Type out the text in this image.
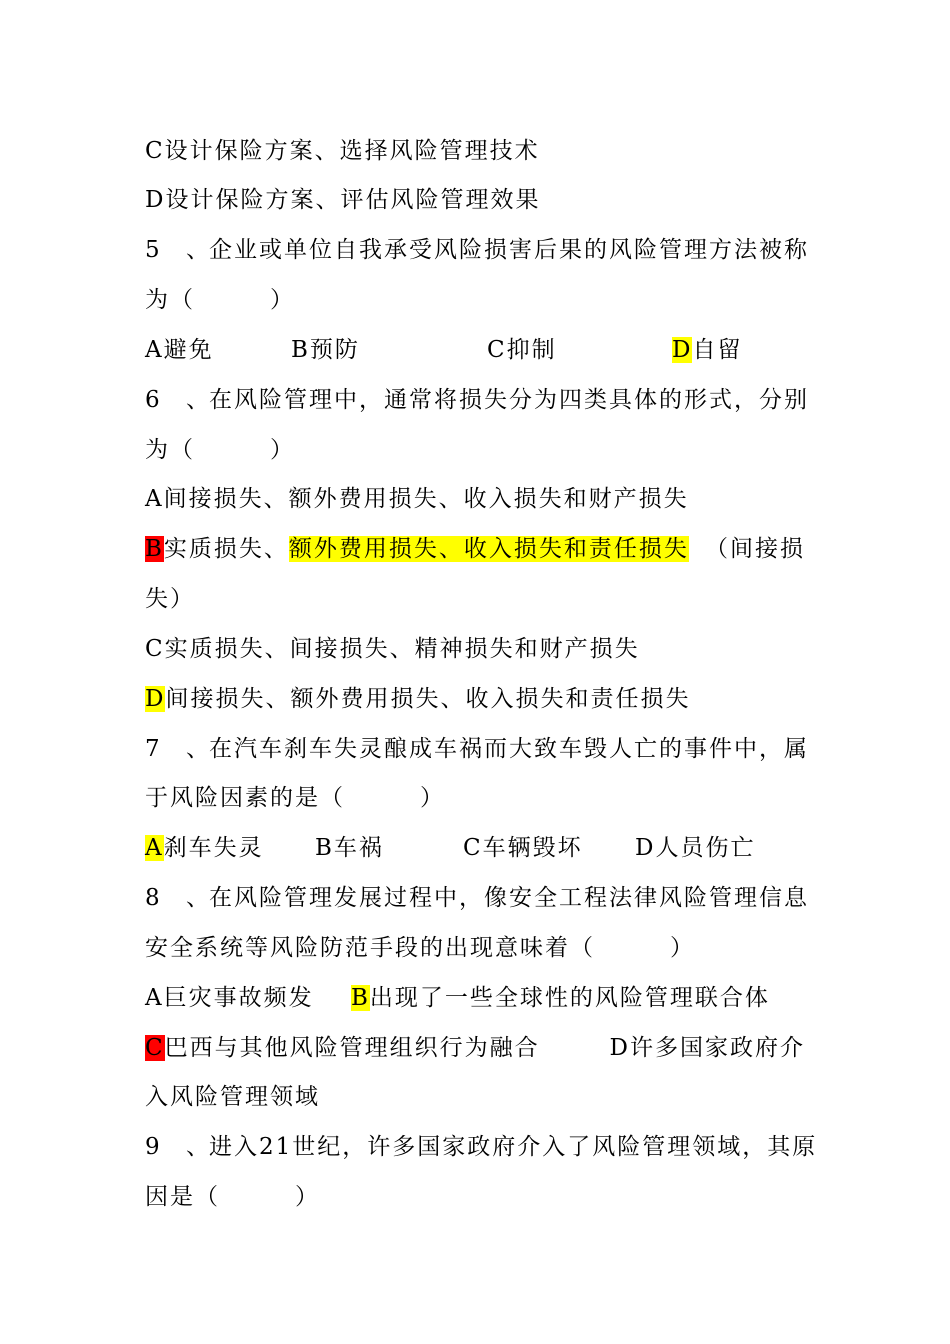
C设计保险方案、选择风险管理技术
D设计保险方案、评估风险管理效果
5、企业或单位自我承受风险损害后果的风险管理方法被称
为（　　　）
A避免	B预防	C抑制	D自留
6、在风险管理中，通常将损失分为四类具体的形式，分别
为（　　　）
A间接损失、额外费用损失、收入损失和财产损失
B实质损失、额外费用损失、收入损失和责任损失 （间接损
失）
C实质损失、间接损失、精神损失和财产损失
D间接损失、额外费用损失、收入损失和责任损失
7、在汽车刹车失灵酿成车祸而大致车毁人亡的事件中，属
于风险因素的是（　　　）
A刹车失灵 B车祸	C车辆毁坏 D人员伤亡
8、在风险管理发展过程中，像安全工程法律风险管理信息
安全系统等风险防范手段的出现意味着（　　　）
A巨灾事故频发 B出现了一些全球性的风险管理联合体
C巴西与其他风险管理组织行为融合	D许多国家政府介
入风险管理领域
9、进入21世纪，许多国家政府介入了风险管理领域，其原
因是（　　　）
